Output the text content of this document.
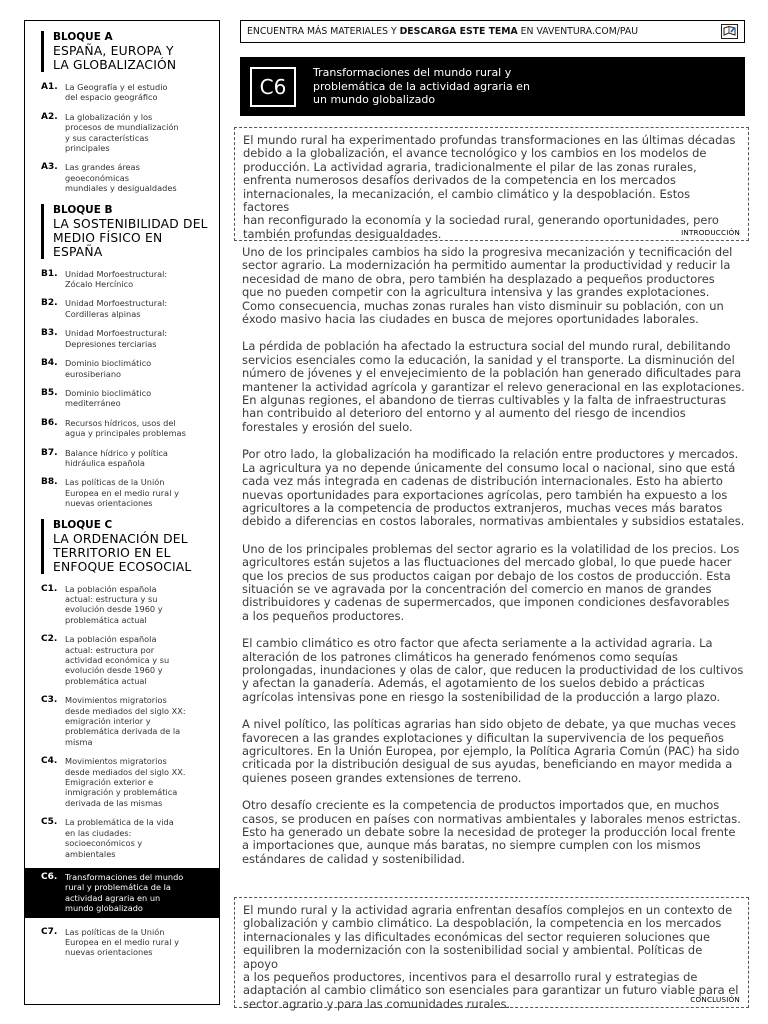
BLOQUE A
ESPAÑA, EUROPA Y
LA GLOBALIZACIÓN
A1. La Geografía y el estudio
del espacio geográfico
A2. La globalización y los
procesos de mundialización
y sus características
principales
A3. Las grandes áreas
geoeconómicas
mundiales y desigualdades
BLOQUE B
LA SOSTENIBILIDAD DEL
MEDIO FÍSICO EN ESPAÑA
B1. Unidad Morfoestructural:
Zócalo Hercínico
B2. Unidad Morfoestructural:
Cordilleras alpinas
B3. Unidad Morfoestructural:
Depresiones terciarias
B4. Dominio bioclimático
eurosiberiano
B5. Dominio bioclimático
mediterráneo
B6. Recursos hídricos, usos del
agua y principales problemas
B7. Balance hídrico y política
hidráulica española
B8. Las políticas de la Unión
Europea en el medio rural y
nuevas orientaciones
BLOQUE C
LA ORDENACIÓN DEL
TERRITORIO EN EL
ENFOQUE ECOSOCIAL
C1. La población española
actual: estructura y su
evolución desde 1960 y
problemática actual
C2. La población española
actual: estructura por
actividad económica y su
evolución desde 1960 y
problemática actual
C3. Movimientos migratorios
desde mediados del siglo XX:
emigración interior y
problemática derivada de la
misma
C4. Movimientos migratorios
desde mediados del siglo XX.
Emigración exterior e
inmigración y problemática
derivada de las mismas
C5. La problemática de la vida
en las ciudades:
socioeconómicos y
ambientales
C6. Transformaciones del mundo
rural y problemática de la
actividad agraria en un
mundo globalizado
C7. Las políticas de la Unión
Europea en el medio rural y
nuevas orientaciones
ENCUENTRA MÁS MATERIALES Y DESCARGA ESTE TEMA EN VAVENTURA.COM/PAU
C6
Transformaciones del mundo rural y
problemática de la actividad agraria en
un mundo globalizado

El mundo rural ha experimentado profundas transformaciones en las últimas décadas
debido a la globalización, el avance tecnológico y los cambios en los modelos de
producción. La actividad agraria, tradicionalmente el pilar de las zonas rurales,
enfrenta numerosos desafíos derivados de la competencia en los mercados
internacionales, la mecanización, el cambio climático y la despoblación. Estos factores
han reconfigurado la economía y la sociedad rural, generando oportunidades, pero
también profundas desigualdades.	INTRODUCCIÓN

Uno de los principales cambios ha sido la progresiva mecanización y tecnificación del
sector agrario. La modernización ha permitido aumentar la productividad y reducir la
necesidad de mano de obra, pero también ha desplazado a pequeños productores
que no pueden competir con la agricultura intensiva y las grandes explotaciones.
Como consecuencia, muchas zonas rurales han visto disminuir su población, con un
éxodo masivo hacia las ciudades en busca de mejores oportunidades laborales.

La pérdida de población ha afectado la estructura social del mundo rural, debilitando
servicios esenciales como la educación, la sanidad y el transporte. La disminución del
número de jóvenes y el envejecimiento de la población han generado dificultades para
mantener la actividad agrícola y garantizar el relevo generacional en las explotaciones.
En algunas regiones, el abandono de tierras cultivables y la falta de infraestructuras
han contribuido al deterioro del entorno y al aumento del riesgo de incendios
forestales y erosión del suelo.

Por otro lado, la globalización ha modificado la relación entre productores y mercados.
La agricultura ya no depende únicamente del consumo local o nacional, sino que está
cada vez más integrada en cadenas de distribución internacionales. Esto ha abierto
nuevas oportunidades para exportaciones agrícolas, pero también ha expuesto a los
agricultores a la competencia de productos extranjeros, muchas veces más baratos
debido a diferencias en costos laborales, normativas ambientales y subsidios estatales.

Uno de los principales problemas del sector agrario es la volatilidad de los precios. Los
agricultores están sujetos a las fluctuaciones del mercado global, lo que puede hacer
que los precios de sus productos caigan por debajo de los costos de producción. Esta
situación se ve agravada por la concentración del comercio en manos de grandes
distribuidores y cadenas de supermercados, que imponen condiciones desfavorables
a los pequeños productores.

El cambio climático es otro factor que afecta seriamente a la actividad agraria. La
alteración de los patrones climáticos ha generado fenómenos como sequías
prolongadas, inundaciones y olas de calor, que reducen la productividad de los cultivos
y afectan la ganadería. Además, el agotamiento de los suelos debido a prácticas
agrícolas intensivas pone en riesgo la sostenibilidad de la producción a largo plazo.

A nivel político, las políticas agrarias han sido objeto de debate, ya que muchas veces
favorecen a las grandes explotaciones y dificultan la supervivencia de los pequeños
agricultores. En la Unión Europea, por ejemplo, la Política Agraria Común (PAC) ha sido
criticada por la distribución desigual de sus ayudas, beneficiando en mayor medida a
quienes poseen grandes extensiones de terreno.

Otro desafío creciente es la competencia de productos importados que, en muchos
casos, se producen en países con normativas ambientales y laborales menos estrictas.
Esto ha generado un debate sobre la necesidad de proteger la producción local frente
a importaciones que, aunque más baratas, no siempre cumplen con los mismos
estándares de calidad y sostenibilidad.

El mundo rural y la actividad agraria enfrentan desafíos complejos en un contexto de
globalización y cambio climático. La despoblación, la competencia en los mercados
internacionales y las dificultades económicas del sector requieren soluciones que
equilibren la modernización con la sostenibilidad social y ambiental. Políticas de apoyo
a los pequeños productores, incentivos para el desarrollo rural y estrategias de
adaptación al cambio climático son esenciales para garantizar un futuro viable para el
sector agrario y para las comunidades rurales.	CONCLUSIÓN
